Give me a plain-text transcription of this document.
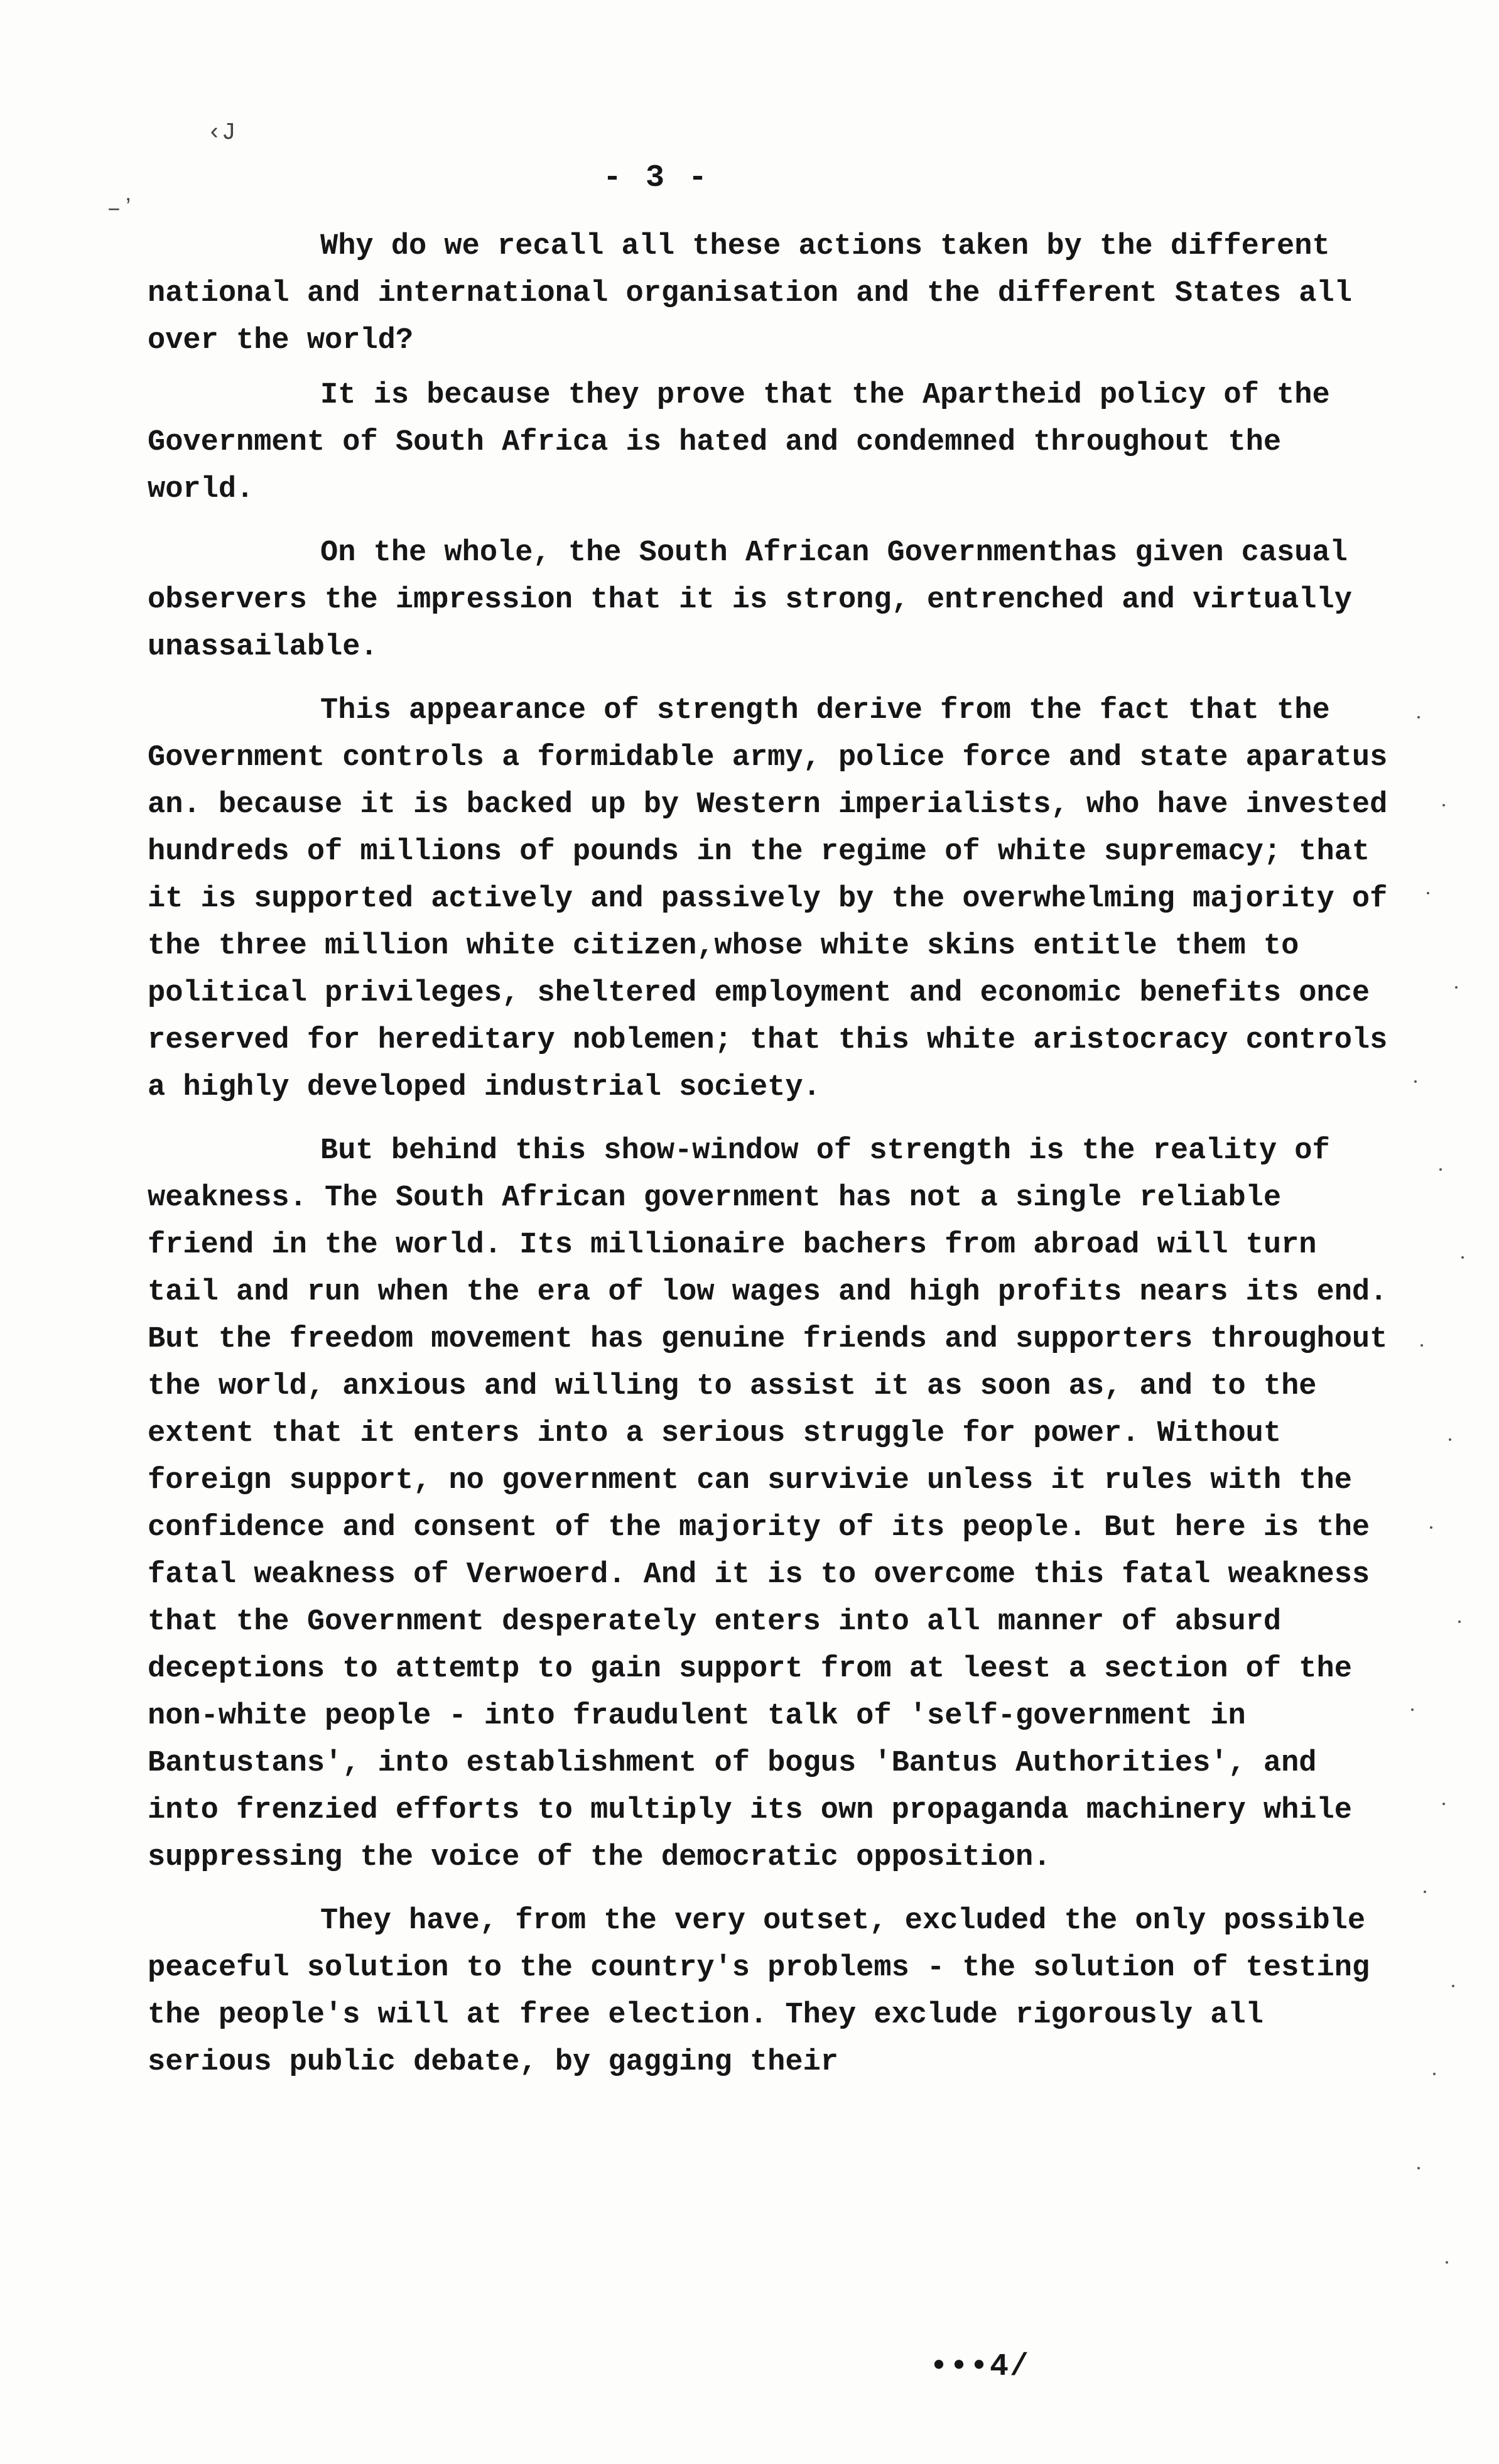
‹J
–ʼ
- 3 -

Why do we recall all these actions taken by the different national and international organisation and the different States all over the world?

It is because they prove that the Apartheid policy of the Government of South Africa is hated and condemned throughout the world.

On the whole, the South African Governmenthas given casual observers the impression that it is strong, entrenched and virtually unassailable.

This appearance of strength derive from the fact that the Government controls a formidable army, police force and state aparatus an. because it is backed up by Western imperialists, who have invested hundreds of millions of pounds in the regime of white supremacy; that it is supported actively and passively by the overwhelming majority of the three million white citizen,whose white skins entitle them to political privileges, sheltered employment and economic benefits once reserved for hereditary noblemen; that this white aristocracy controls a highly developed industrial society.

But behind this show-window of strength is the reality of weakness. The South African government has not a single reliable friend in the world. Its millionaire bachers from abroad will turn tail and run when the era of low wages and high profits nears its end. But the freedom movement has genuine friends and supporters throughout the world, anxious and willing to assist it as soon as, and to the extent that it enters into a serious struggle for power. Without foreign support, no government can survivie unless it rules with the confidence and consent of the majority of its people. But here is the fatal weakness of Verwoerd. And it is to overcome this fatal weakness that the Government desperately enters into all manner of absurd deceptions to attemtp to gain support from at leest a section of the non-white people - into fraudulent talk of 'self-government in Bantustans', into establishment of bogus 'Bantus Authorities', and into frenzied efforts to multiply its own propaganda machinery while suppressing the voice of the democratic opposition.

They have, from the very outset, excluded the only possible peaceful solution to the country's problems - the solution of testing the people's will at free election. They exclude rigorously all serious public debate, by gagging their

•••4/
